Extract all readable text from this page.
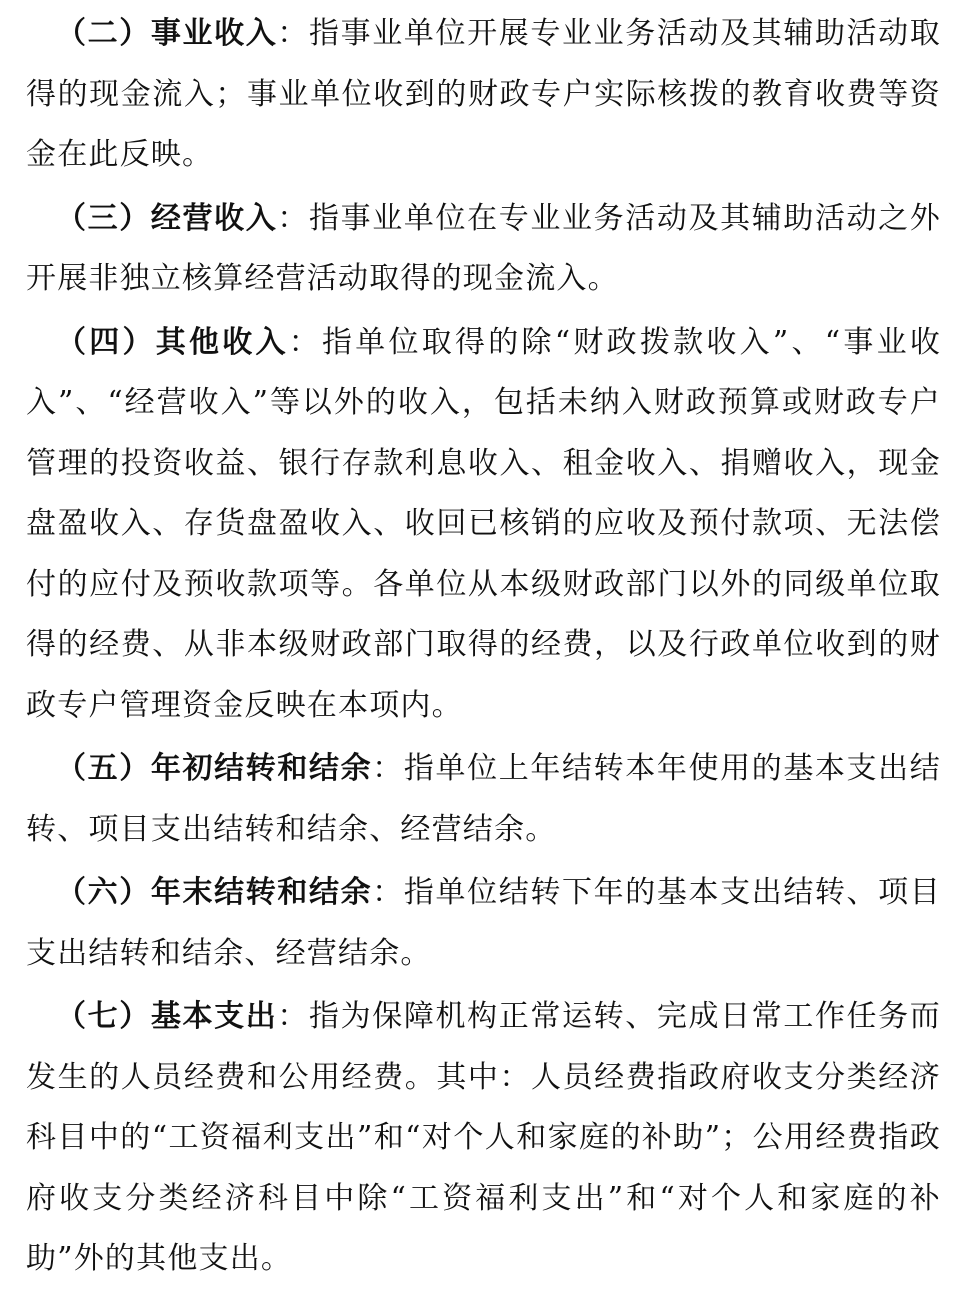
（二）事业收入：指事业单位开展专业业务活动及其辅助活动取得的现金流入；事业单位收到的财政专户实际核拨的教育收费等资金在此反映。

（三）经营收入：指事业单位在专业业务活动及其辅助活动之外开展非独立核算经营活动取得的现金流入。

（四）其他收入：指单位取得的除“财政拨款收入”、“事业收入”、“经营收入”等以外的收入，包括未纳入财政预算或财政专户管理的投资收益、银行存款利息收入、租金收入、捐赠收入，现金盘盈收入、存货盘盈收入、收回已核销的应收及预付款项、无法偿付的应付及预收款项等。各单位从本级财政部门以外的同级单位取得的经费、从非本级财政部门取得的经费，以及行政单位收到的财政专户管理资金反映在本项内。

（五）年初结转和结余：指单位上年结转本年使用的基本支出结转、项目支出结转和结余、经营结余。

（六）年末结转和结余：指单位结转下年的基本支出结转、项目支出结转和结余、经营结余。

（七）基本支出：指为保障机构正常运转、完成日常工作任务而发生的人员经费和公用经费。其中：人员经费指政府收支分类经济科目中的“工资福利支出”和“对个人和家庭的补助”；公用经费指政府收支分类经济科目中除“工资福利支出”和“对个人和家庭的补助”外的其他支出。
